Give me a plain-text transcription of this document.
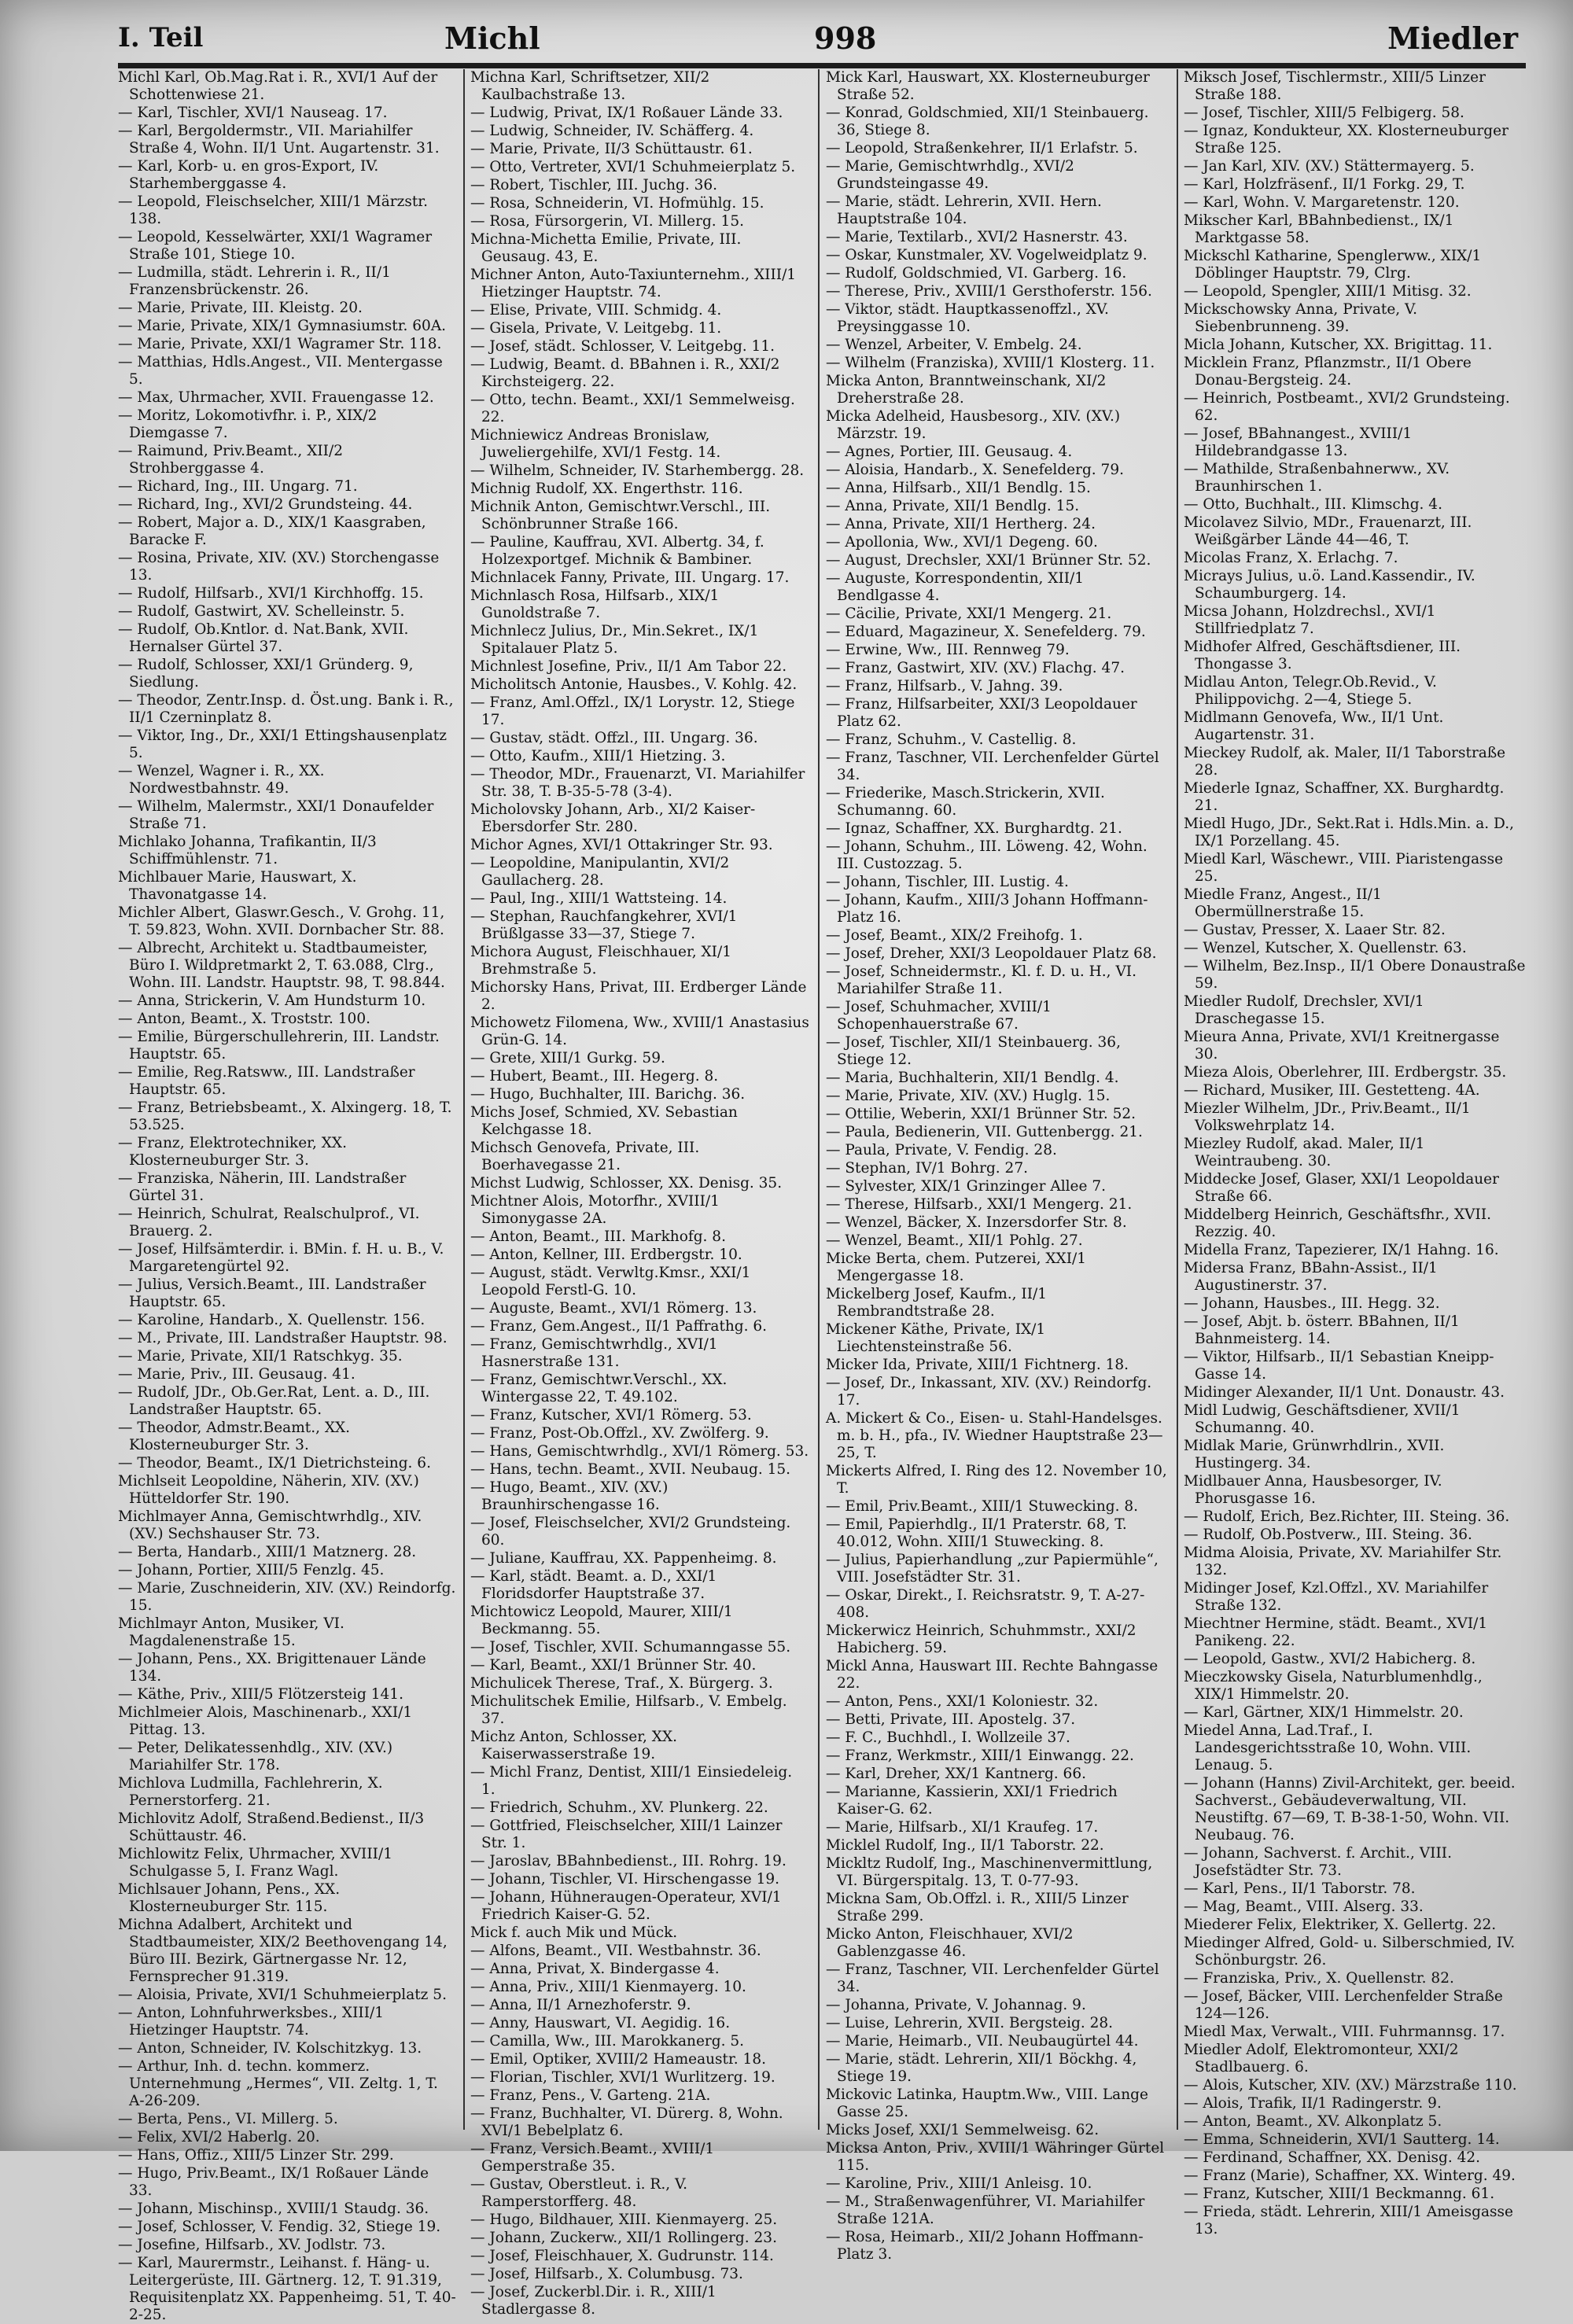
I. Teil	Michl	998	Miedler

Michl Karl, Ob.Mag.Rat i. R., XVI/1 Auf der Schottenwiese 21.

— Karl, Tischler, XVI/1 Nauseag. 17.

— Karl, Bergoldermstr., VII. Mariahilfer Straße 4, Wohn. II/1 Unt. Augartenstr. 31.

— Karl, Korb- u. en gros-Export, IV. Starhemberggasse 4.

— Leopold, Fleischselcher, XIII/1 Märzstr. 138.

— Leopold, Kesselwärter, XXI/1 Wagramer Straße 101, Stiege 10.

— Ludmilla, städt. Lehrerin i. R., II/1 Franzensbrückenstr. 26.

— Marie, Private, III. Kleistg. 20.

— Marie, Private, XIX/1 Gymnasiumstr. 60A.

— Marie, Private, XXI/1 Wagramer Str. 118.

— Matthias, Hdls.Angest., VII. Mentergasse 5.

— Max, Uhrmacher, XVII. Frauengasse 12.

— Moritz, Lokomotivfhr. i. P., XIX/2 Diemgasse 7.

— Raimund, Priv.Beamt., XII/2 Strohberggasse 4.

— Richard, Ing., III. Ungarg. 71.

— Richard, Ing., XVI/2 Grundsteing. 44.

— Robert, Major a. D., XIX/1 Kaasgraben, Baracke F.

— Rosina, Private, XIV. (XV.) Storchengasse 13.

— Rudolf, Hilfsarb., XVI/1 Kirchhoffg. 15.

— Rudolf, Gastwirt, XV. Schelleinstr. 5.

— Rudolf, Ob.Kntlor. d. Nat.Bank, XVII. Hernalser Gürtel 37.

— Rudolf, Schlosser, XXI/1 Gründerg. 9, Siedlung.

— Theodor, Zentr.Insp. d. Öst.ung. Bank i. R., II/1 Czerninplatz 8.

— Viktor, Ing., Dr., XXI/1 Ettingshausenplatz 5.

— Wenzel, Wagner i. R., XX. Nordwestbahnstr. 49.

— Wilhelm, Malermstr., XXI/1 Donaufelder Straße 71.

Michlako Johanna, Trafikantin, II/3 Schiffmühlenstr. 71.

Michlbauer Marie, Hauswart, X. Thavonatgasse 14.

Michler Albert, Glaswr.Gesch., V. Grohg. 11, T. 59.823, Wohn. XVII. Dornbacher Str. 88.

— Albrecht, Architekt u. Stadtbaumeister, Büro I. Wildpretmarkt 2, T. 63.088, Clrg., Wohn. III. Landstr. Hauptstr. 98, T. 98.844.

— Anna, Strickerin, V. Am Hundsturm 10.

— Anton, Beamt., X. Troststr. 100.

— Emilie, Bürgerschullehrerin, III. Landstr. Hauptstr. 65.

— Emilie, Reg.Ratsww., III. Landstraßer Hauptstr. 65.

— Franz, Betriebsbeamt., X. Alxingerg. 18, T. 53.525.

— Franz, Elektrotechniker, XX. Klosterneuburger Str. 3.

— Franziska, Näherin, III. Landstraßer Gürtel 31.

— Heinrich, Schulrat, Realschulprof., VI. Brauerg. 2.

— Josef, Hilfsämterdir. i. BMin. f. H. u. B., V. Margaretengürtel 92.

— Julius, Versich.Beamt., III. Landstraßer Hauptstr. 65.

— Karoline, Handarb., X. Quellenstr. 156.

— M., Private, III. Landstraßer Hauptstr. 98.

— Marie, Private, XII/1 Ratschkyg. 35.

— Marie, Priv., III. Geusaug. 41.

— Rudolf, JDr., Ob.Ger.Rat, Lent. a. D., III. Landstraßer Hauptstr. 65.

— Theodor, Admstr.Beamt., XX. Klosterneuburger Str. 3.

— Theodor, Beamt., IX/1 Dietrichsteing. 6.

Michlseit Leopoldine, Näherin, XIV. (XV.) Hütteldorfer Str. 190.

Michlmayer Anna, Gemischtwrhdlg., XIV. (XV.) Sechshauser Str. 73.

— Berta, Handarb., XIII/1 Matznerg. 28.

— Johann, Portier, XIII/5 Fenzlg. 45.

— Marie, Zuschneiderin, XIV. (XV.) Reindorfg. 15.

Michlmayr Anton, Musiker, VI. Magdalenenstraße 15.

— Johann, Pens., XX. Brigittenauer Lände 134.

— Käthe, Priv., XIII/5 Flötzersteig 141.

Michlmeier Alois, Maschinenarb., XXI/1 Pittag. 13.

— Peter, Delikatessenhdlg., XIV. (XV.) Mariahilfer Str. 178.

Michlova Ludmilla, Fachlehrerin, X. Pernerstorferg. 21.

Michlovitz Adolf, Straßend.Bedienst., II/3 Schüttaustr. 46.

Michlowitz Felix, Uhrmacher, XVIII/1 Schulgasse 5, I. Franz Wagl.

Michlsauer Johann, Pens., XX. Klosterneuburger Str. 115.

Michna Adalbert, Architekt und Stadtbaumeister, XIX/2 Beethovengang 14, Büro III. Bezirk, Gärtnergasse Nr. 12, Fernsprecher 91.319.

— Aloisia, Private, XVI/1 Schuhmeierplatz 5.

— Anton, Lohnfuhrwerksbes., XIII/1 Hietzinger Hauptstr. 74.

— Anton, Schneider, IV. Kolschitzkyg. 13.

— Arthur, Inh. d. techn. kommerz. Unternehmung „Hermes“, VII. Zeltg. 1, T. A-26-209.

— Berta, Pens., VI. Millerg. 5.

— Felix, XVI/2 Haberlg. 20.

— Hans, Offiz., XIII/5 Linzer Str. 299.

— Hugo, Priv.Beamt., IX/1 Roßauer Lände 33.

— Johann, Mischinsp., XVIII/1 Staudg. 36.

— Josef, Schlosser, V. Fendig. 32, Stiege 19.

— Josefine, Hilfsarb., XV. Jodlstr. 73.

— Karl, Maurermstr., Leihanst. f. Häng- u. Leitergerüste, III. Gärtnerg. 12, T. 91.319, Requisitenplatz XX. Pappenheimg. 51, T. 40-2-25.

Michna Karl, Schriftsetzer, XII/2 Kaulbachstraße 13.

— Ludwig, Privat, IX/1 Roßauer Lände 33.

— Ludwig, Schneider, IV. Schäfferg. 4.

— Marie, Private, II/3 Schüttaustr. 61.

— Otto, Vertreter, XVI/1 Schuhmeierplatz 5.

— Robert, Tischler, III. Juchg. 36.

— Rosa, Schneiderin, VI. Hofmühlg. 15.

— Rosa, Fürsorgerin, VI. Millerg. 15.

Michna-Michetta Emilie, Private, III. Geusaug. 43, E.

Michner Anton, Auto-Taxiunternehm., XIII/1 Hietzinger Hauptstr. 74.

— Elise, Private, VIII. Schmidg. 4.

— Gisela, Private, V. Leitgebg. 11.

— Josef, städt. Schlosser, V. Leitgebg. 11.

— Ludwig, Beamt. d. BBahnen i. R., XXI/2 Kirchsteigerg. 22.

— Otto, techn. Beamt., XXI/1 Semmelweisg. 22.

Michniewicz Andreas Bronislaw, Juweliergehilfe, XVI/1 Festg. 14.

— Wilhelm, Schneider, IV. Starhembergg. 28.

Michnig Rudolf, XX. Engerthstr. 116.

Michnik Anton, Gemischtwr.Verschl., III. Schönbrunner Straße 166.

— Pauline, Kauffrau, XVI. Albertg. 34, f. Holzexportgef. Michnik & Bambiner.

Michnlacek Fanny, Private, III. Ungarg. 17.

Michnlasch Rosa, Hilfsarb., XIX/1 Gunoldstraße 7.

Michnlecz Julius, Dr., Min.Sekret., IX/1 Spitalauer Platz 5.

Michnlest Josefine, Priv., II/1 Am Tabor 22.

Micholitsch Antonie, Hausbes., V. Kohlg. 42.

— Franz, Aml.Offzl., IX/1 Lorystr. 12, Stiege 17.

— Gustav, städt. Offzl., III. Ungarg. 36.

— Otto, Kaufm., XIII/1 Hietzing. 3.

— Theodor, MDr., Frauenarzt, VI. Mariahilfer Str. 38, T. B-35-5-78 (3-4).

Micholovsky Johann, Arb., XI/2 Kaiser-Ebersdorfer Str. 280.

Michor Agnes, XVI/1 Ottakringer Str. 93.

— Leopoldine, Manipulantin, XVI/2 Gaullacherg. 28.

— Paul, Ing., XIII/1 Wattsteing. 14.

— Stephan, Rauchfangkehrer, XVI/1 Brüßlgasse 33—37, Stiege 7.

Michora August, Fleischhauer, XI/1 Brehmstraße 5.

Michorsky Hans, Privat, III. Erdberger Lände 2.

Michowetz Filomena, Ww., XVIII/1 Anastasius Grün-G. 14.

— Grete, XIII/1 Gurkg. 59.

— Hubert, Beamt., III. Hegerg. 8.

— Hugo, Buchhalter, III. Barichg. 36.

Michs Josef, Schmied, XV. Sebastian Kelchgasse 18.

Michsch Genovefa, Private, III. Boerhavegasse 21.

Michst Ludwig, Schlosser, XX. Denisg. 35.

Michtner Alois, Motorfhr., XVIII/1 Simonygasse 2A.

— Anton, Beamt., III. Markhofg. 8.

— Anton, Kellner, III. Erdbergstr. 10.

— August, städt. Verwltg.Kmsr., XXI/1 Leopold Ferstl-G. 10.

— Auguste, Beamt., XVI/1 Römerg. 13.

— Franz, Gem.Angest., II/1 Paffrathg. 6.

— Franz, Gemischtwrhdlg., XVI/1 Hasnerstraße 131.

— Franz, Gemischtwr.Verschl., XX. Wintergasse 22, T. 49.102.

— Franz, Kutscher, XVI/1 Römerg. 53.

— Franz, Post-Ob.Offzl., XV. Zwölferg. 9.

— Hans, Gemischtwrhdlg., XVI/1 Römerg. 53.

— Hans, techn. Beamt., XVII. Neubaug. 15.

— Hugo, Beamt., XIV. (XV.) Braunhirschengasse 16.

— Josef, Fleischselcher, XVI/2 Grundsteing. 60.

— Juliane, Kauffrau, XX. Pappenheimg. 8.

— Karl, städt. Beamt. a. D., XXI/1 Floridsdorfer Hauptstraße 37.

Michtowicz Leopold, Maurer, XIII/1 Beckmanng. 55.

— Josef, Tischler, XVII. Schumanngasse 55.

— Karl, Beamt., XXI/1 Brünner Str. 40.

Michulicek Therese, Traf., X. Bürgerg. 3.

Michulitschek Emilie, Hilfsarb., V. Embelg. 37.

Michz Anton, Schlosser, XX. Kaiserwasserstraße 19.

— Michl Franz, Dentist, XIII/1 Einsiedeleig. 1.

— Friedrich, Schuhm., XV. Plunkerg. 22.

— Gottfried, Fleischselcher, XIII/1 Lainzer Str. 1.

— Jaroslav, BBahnbedienst., III. Rohrg. 19.

— Johann, Tischler, VI. Hirschengasse 19.

— Johann, Hühneraugen-Operateur, XVI/1 Friedrich Kaiser-G. 52.

Mick f. auch Mik und Mück.

— Alfons, Beamt., VII. Westbahnstr. 36.

— Anna, Privat, X. Bindergasse 4.

— Anna, Priv., XIII/1 Kienmayerg. 10.

— Anna, II/1 Arnezhoferstr. 9.

— Anny, Hauswart, VI. Aegidig. 16.

— Camilla, Ww., III. Marokkanerg. 5.

— Emil, Optiker, XVIII/2 Hameaustr. 18.

— Florian, Tischler, XVI/1 Wurlitzerg. 19.

— Franz, Pens., V. Garteng. 21A.

— Franz, Buchhalter, VI. Dürerg. 8, Wohn. XVI/1 Bebelplatz 6.

— Franz, Versich.Beamt., XVIII/1 Gemperstraße 35.

— Gustav, Oberstleut. i. R., V. Ramperstorfferg. 48.

— Hugo, Bildhauer, XIII. Kienmayerg. 25.

— Johann, Zuckerw., XII/1 Rollingerg. 23.

— Josef, Fleischhauer, X. Gudrunstr. 114.

— Josef, Hilfsarb., X. Columbusg. 73.

— Josef, Zuckerbl.Dir. i. R., XIII/1 Stadlergasse 8.

Mick Karl, Hauswart, XX. Klosterneuburger Straße 52.

— Konrad, Goldschmied, XII/1 Steinbauerg. 36, Stiege 8.

— Leopold, Straßenkehrer, II/1 Erlafstr. 5.

— Marie, Gemischtwrhdlg., XVI/2 Grundsteingasse 49.

— Marie, städt. Lehrerin, XVII. Hern. Hauptstraße 104.

— Marie, Textilarb., XVI/2 Hasnerstr. 43.

— Oskar, Kunstmaler, XV. Vogelweidplatz 9.

— Rudolf, Goldschmied, VI. Garberg. 16.

— Therese, Priv., XVIII/1 Gersthoferstr. 156.

— Viktor, städt. Hauptkassenoffzl., XV. Preysinggasse 10.

— Wenzel, Arbeiter, V. Embelg. 24.

— Wilhelm (Franziska), XVIII/1 Klosterg. 11.

Micka Anton, Branntweinschank, XI/2 Dreherstraße 28.

Micka Adelheid, Hausbesorg., XIV. (XV.) Märzstr. 19.

— Agnes, Portier, III. Geusaug. 4.

— Aloisia, Handarb., X. Senefelderg. 79.

— Anna, Hilfsarb., XII/1 Bendlg. 15.

— Anna, Private, XII/1 Bendlg. 15.

— Anna, Private, XII/1 Hertherg. 24.

— Apollonia, Ww., XVI/1 Degeng. 60.

— August, Drechsler, XXI/1 Brünner Str. 52.

— Auguste, Korrespondentin, XII/1 Bendlgasse 4.

— Cäcilie, Private, XXI/1 Mengerg. 21.

— Eduard, Magazineur, X. Senefelderg. 79.

— Erwine, Ww., III. Rennweg 79.

— Franz, Gastwirt, XIV. (XV.) Flachg. 47.

— Franz, Hilfsarb., V. Jahng. 39.

— Franz, Hilfsarbeiter, XXI/3 Leopoldauer Platz 62.

— Franz, Schuhm., V. Castellig. 8.

— Franz, Taschner, VII. Lerchenfelder Gürtel 34.

— Friederike, Masch.Strickerin, XVII. Schumanng. 60.

— Ignaz, Schaffner, XX. Burghardtg. 21.

— Johann, Schuhm., III. Löweng. 42, Wohn. III. Custozzag. 5.

— Johann, Tischler, III. Lustig. 4.

— Johann, Kaufm., XIII/3 Johann Hoffmann-Platz 16.

— Josef, Beamt., XIX/2 Freihofg. 1.

— Josef, Dreher, XXI/3 Leopoldauer Platz 68.

— Josef, Schneidermstr., Kl. f. D. u. H., VI. Mariahilfer Straße 11.

— Josef, Schuhmacher, XVIII/1 Schopenhauerstraße 67.

— Josef, Tischler, XII/1 Steinbauerg. 36, Stiege 12.

— Maria, Buchhalterin, XII/1 Bendlg. 4.

— Marie, Private, XIV. (XV.) Huglg. 15.

— Ottilie, Weberin, XXI/1 Brünner Str. 52.

— Paula, Bedienerin, VII. Guttenbergg. 21.

— Paula, Private, V. Fendig. 28.

— Stephan, IV/1 Bohrg. 27.

— Sylvester, XIX/1 Grinzinger Allee 7.

— Therese, Hilfsarb., XXI/1 Mengerg. 21.

— Wenzel, Bäcker, X. Inzersdorfer Str. 8.

— Wenzel, Beamt., XII/1 Pohlg. 27.

Micke Berta, chem. Putzerei, XXI/1 Mengergasse 18.

Mickelberg Josef, Kaufm., II/1 Rembrandtstraße 28.

Mickener Käthe, Private, IX/1 Liechtensteinstraße 56.

Micker Ida, Private, XIII/1 Fichtnerg. 18.

— Josef, Dr., Inkassant, XIV. (XV.) Reindorfg. 17.

A. Mickert & Co., Eisen- u. Stahl-Handelsges. m. b. H., pfa., IV. Wiedner Hauptstraße 23—25, T.

Mickerts Alfred, I. Ring des 12. November 10, T.

— Emil, Priv.Beamt., XIII/1 Stuwecking. 8.

— Emil, Papierhdlg., II/1 Praterstr. 68, T. 40.012, Wohn. XIII/1 Stuwecking. 8.

— Julius, Papierhandlung „zur Papiermühle“, VIII. Josefstädter Str. 31.

— Oskar, Direkt., I. Reichsratstr. 9, T. A-27-408.

Mickerwicz Heinrich, Schuhmmstr., XXI/2 Habicherg. 59.

Mickl Anna, Hauswart III. Rechte Bahngasse 22.

— Anton, Pens., XXI/1 Koloniestr. 32.

— Betti, Private, III. Apostelg. 37.

— F. C., Buchhdl., I. Wollzeile 37.

— Franz, Werkmstr., XIII/1 Einwangg. 22.

— Karl, Dreher, XX/1 Kantnerg. 66.

— Marianne, Kassierin, XXI/1 Friedrich Kaiser-G. 62.

— Marie, Hilfsarb., XI/1 Kraufeg. 17.

Micklel Rudolf, Ing., II/1 Taborstr. 22.

Mickltz Rudolf, Ing., Maschinenvermittlung, VI. Bürgerspitalg. 13, T. 0-77-93.

Mickna Sam, Ob.Offzl. i. R., XIII/5 Linzer Straße 299.

Micko Anton, Fleischhauer, XVI/2 Gablenzgasse 46.

— Franz, Taschner, VII. Lerchenfelder Gürtel 34.

— Johanna, Private, V. Johannag. 9.

— Luise, Lehrerin, XVII. Bergsteig. 28.

— Marie, Heimarb., VII. Neubaugürtel 44.

— Marie, städt. Lehrerin, XII/1 Böckhg. 4, Stiege 19.

Mickovic Latinka, Hauptm.Ww., VIII. Lange Gasse 25.

Micks Josef, XXI/1 Semmelweisg. 62.

Micksa Anton, Priv., XVIII/1 Währinger Gürtel 115.

— Karoline, Priv., XIII/1 Anleisg. 10.

— M., Straßenwagenführer, VI. Mariahilfer Straße 121A.

— Rosa, Heimarb., XII/2 Johann Hoffmann-Platz 3.

Miksch Josef, Tischlermstr., XIII/5 Linzer Straße 188.

— Josef, Tischler, XIII/5 Felbigerg. 58.

— Ignaz, Kondukteur, XX. Klosterneuburger Straße 125.

— Jan Karl, XIV. (XV.) Stättermayerg. 5.

— Karl, Holzfräsenf., II/1 Forkg. 29, T.

— Karl, Wohn. V. Margaretenstr. 120.

Mikscher Karl, BBahnbedienst., IX/1 Marktgasse 58.

Mickschl Katharine, Spenglerww., XIX/1 Döblinger Hauptstr. 79, Clrg.

— Leopold, Spengler, XIII/1 Mitisg. 32.

Mickschowsky Anna, Private, V. Siebenbrunneng. 39.

Micla Johann, Kutscher, XX. Brigittag. 11.

Micklein Franz, Pflanzmstr., II/1 Obere Donau-Bergsteig. 24.

— Heinrich, Postbeamt., XVI/2 Grundsteing. 62.

— Josef, BBahnangest., XVIII/1 Hildebrandgasse 13.

— Mathilde, Straßenbahnerww., XV. Braunhirschen 1.

— Otto, Buchhalt., III. Klimschg. 4.

Micolavez Silvio, MDr., Frauenarzt, III. Weißgärber Lände 44—46, T.

Micolas Franz, X. Erlachg. 7.

Micrays Julius, u.ö. Land.Kassendir., IV. Schaumburgerg. 14.

Micsa Johann, Holzdrechsl., XVI/1 Stillfriedplatz 7.

Midhofer Alfred, Geschäftsdiener, III. Thongasse 3.

Midlau Anton, Telegr.Ob.Revid., V. Philippovichg. 2—4, Stiege 5.

Midlmann Genovefa, Ww., II/1 Unt. Augartenstr. 31.

Mieckey Rudolf, ak. Maler, II/1 Taborstraße 28.

Miederle Ignaz, Schaffner, XX. Burghardtg. 21.

Miedl Hugo, JDr., Sekt.Rat i. Hdls.Min. a. D., IX/1 Porzellang. 45.

Miedl Karl, Wäschewr., VIII. Piaristengasse 25.

Miedle Franz, Angest., II/1 Obermüllnerstraße 15.

— Gustav, Presser, X. Laaer Str. 82.

— Wenzel, Kutscher, X. Quellenstr. 63.

— Wilhelm, Bez.Insp., II/1 Obere Donaustraße 59.

Miedler Rudolf, Drechsler, XVI/1 Draschegasse 15.

Mieura Anna, Private, XVI/1 Kreitnergasse 30.

Mieza Alois, Oberlehrer, III. Erdbergstr. 35.

— Richard, Musiker, III. Gestetteng. 4A.

Miezler Wilhelm, JDr., Priv.Beamt., II/1 Volkswehrplatz 14.

Miezley Rudolf, akad. Maler, II/1 Weintraubeng. 30.

Middecke Josef, Glaser, XXI/1 Leopoldauer Straße 66.

Middelberg Heinrich, Geschäftsfhr., XVII. Rezzig. 40.

Midella Franz, Tapezierer, IX/1 Hahng. 16.

Midersa Franz, BBahn-Assist., II/1 Augustinerstr. 37.

— Johann, Hausbes., III. Hegg. 32.

— Josef, Abjt. b. österr. BBahnen, II/1 Bahnmeisterg. 14.

— Viktor, Hilfsarb., II/1 Sebastian Kneipp-Gasse 14.

Midinger Alexander, II/1 Unt. Donaustr. 43.

Midl Ludwig, Geschäftsdiener, XVII/1 Schumanng. 40.

Midlak Marie, Grünwrhdlrin., XVII. Hustingerg. 34.

Midlbauer Anna, Hausbesorger, IV. Phorusgasse 16.

— Rudolf, Erich, Bez.Richter, III. Steing. 36.

— Rudolf, Ob.Postverw., III. Steing. 36.

Midma Aloisia, Private, XV. Mariahilfer Str. 132.

Midinger Josef, Kzl.Offzl., XV. Mariahilfer Straße 132.

Miechtner Hermine, städt. Beamt., XVI/1 Panikeng. 22.

— Leopold, Gastw., XVI/2 Habicherg. 8.

Mieczkowsky Gisela, Naturblumenhdlg., XIX/1 Himmelstr. 20.

— Karl, Gärtner, XIX/1 Himmelstr. 20.

Miedel Anna, Lad.Traf., I. Landesgerichtsstraße 10, Wohn. VIII. Lenaug. 5.

— Johann (Hanns) Zivil-Architekt, ger. beeid. Sachverst., Gebäudeverwaltung, VII. Neustiftg. 67—69, T. B-38-1-50, Wohn. VII. Neubaug. 76.

— Johann, Sachverst. f. Archit., VIII. Josefstädter Str. 73.

— Karl, Pens., II/1 Taborstr. 78.

— Mag, Beamt., VIII. Alserg. 33.

Miederer Felix, Elektriker, X. Gellertg. 22.

Miedinger Alfred, Gold- u. Silberschmied, IV. Schönburgstr. 26.

— Franziska, Priv., X. Quellenstr. 82.

— Josef, Bäcker, VIII. Lerchenfelder Straße 124—126.

Miedl Max, Verwalt., VIII. Fuhrmannsg. 17.

Miedler Adolf, Elektromonteur, XXI/2 Stadlbauerg. 6.

— Alois, Kutscher, XIV. (XV.) Märzstraße 110.

— Alois, Trafik, II/1 Radingerstr. 9.

— Anton, Beamt., XV. Alkonplatz 5.

— Emma, Schneiderin, XVI/1 Sautterg. 14.

— Ferdinand, Schaffner, XX. Denisg. 42.

— Franz (Marie), Schaffner, XX. Winterg. 49.

— Franz, Kutscher, XIII/1 Beckmanng. 61.

— Frieda, städt. Lehrerin, XIII/1 Ameisgasse 13.
